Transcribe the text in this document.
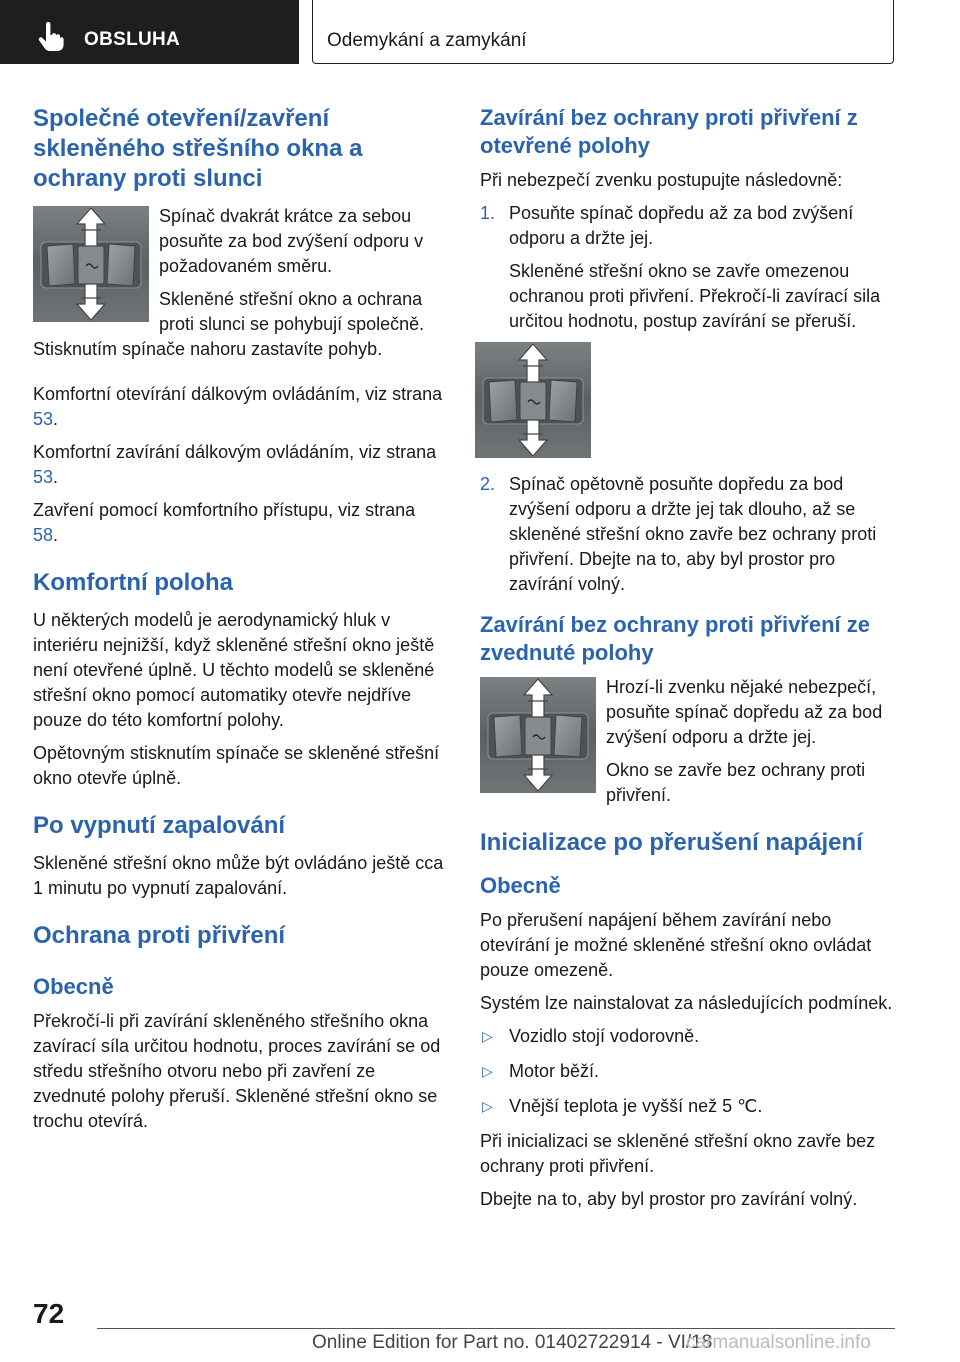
OBSLUHA	Odemykání a zamykání
Společné otevření/zavření skleněného střešního okna a ochrany proti slunci

Spínač dvakrát krátce za sebou posuňte za bod zvýšení odporu v požadovaném směru.

Skleněné střešní okno a ochrana proti slunci se pohybují společně. Stisknutím spínače nahoru zastavíte pohyb.

Komfortní otevírání dálkovým ovládáním, viz strana 53.

Komfortní zavírání dálkovým ovládáním, viz strana 53.

Zavření pomocí komfortního přístupu, viz strana 58.

Komfortní poloha

U některých modelů je aerodynamický hluk v interiéru nejnižší, když skleněné střešní okno ještě není otevřené úplně. U těchto modelů se skleněné střešní okno pomocí automatiky otevře nejdříve pouze do této komfortní polohy.

Opětovným stisknutím spínače se skleněné střešní okno otevře úplně.

Po vypnutí zapalování

Skleněné střešní okno může být ovládáno ještě cca 1 minutu po vypnutí zapalování.

Ochrana proti přivření
Obecně

Překročí-li při zavírání skleněného střešního okna zavírací síla určitou hodnotu, proces zavírání se od středu střešního otvoru nebo při zavření ze zvednuté polohy přeruší. Skleněné střešní okno se trochu otevírá.

Zavírání bez ochrany proti přivření z otevřené polohy

Při nebezpečí zvenku postupujte následovně:

1. Posuňte spínač dopředu až za bod zvýšení odporu a držte jej.

Skleněné střešní okno se zavře omezenou ochranou proti přivření. Překročí-li zavírací sila určitou hodnotu, postup zavírání se přeruší.

2. Spínač opětovně posuňte dopředu za bod zvýšení odporu a držte jej tak dlouho, až se skleněné střešní okno zavře bez ochrany proti přivření. Dbejte na to, aby byl prostor pro zavírání volný.

Zavírání bez ochrany proti přivření ze zvednuté polohy

Hrozí-li zvenku nějaké nebezpečí, posuňte spínač dopředu až za bod zvýšení odporu a držte jej.

Okno se zavře bez ochrany proti přivření.

Inicializace po přerušení napájení
Obecně

Po přerušení napájení během zavírání nebo otevírání je možné skleněné střešní okno ovládat pouze omezeně.

Systém lze nainstalovat za následujících podmínek.

▷ Vozidlo stojí vodorovně.
▷ Motor běží.
▷ Vnější teplota je vyšší než 5 ℃.

Při inicializaci se skleněné střešní okno zavře bez ochrany proti přivření.

Dbejte na to, aby byl prostor pro zavírání volný.

72
Online Edition for Part no. 01402722914 - VI/18
carmanualsonline.info
